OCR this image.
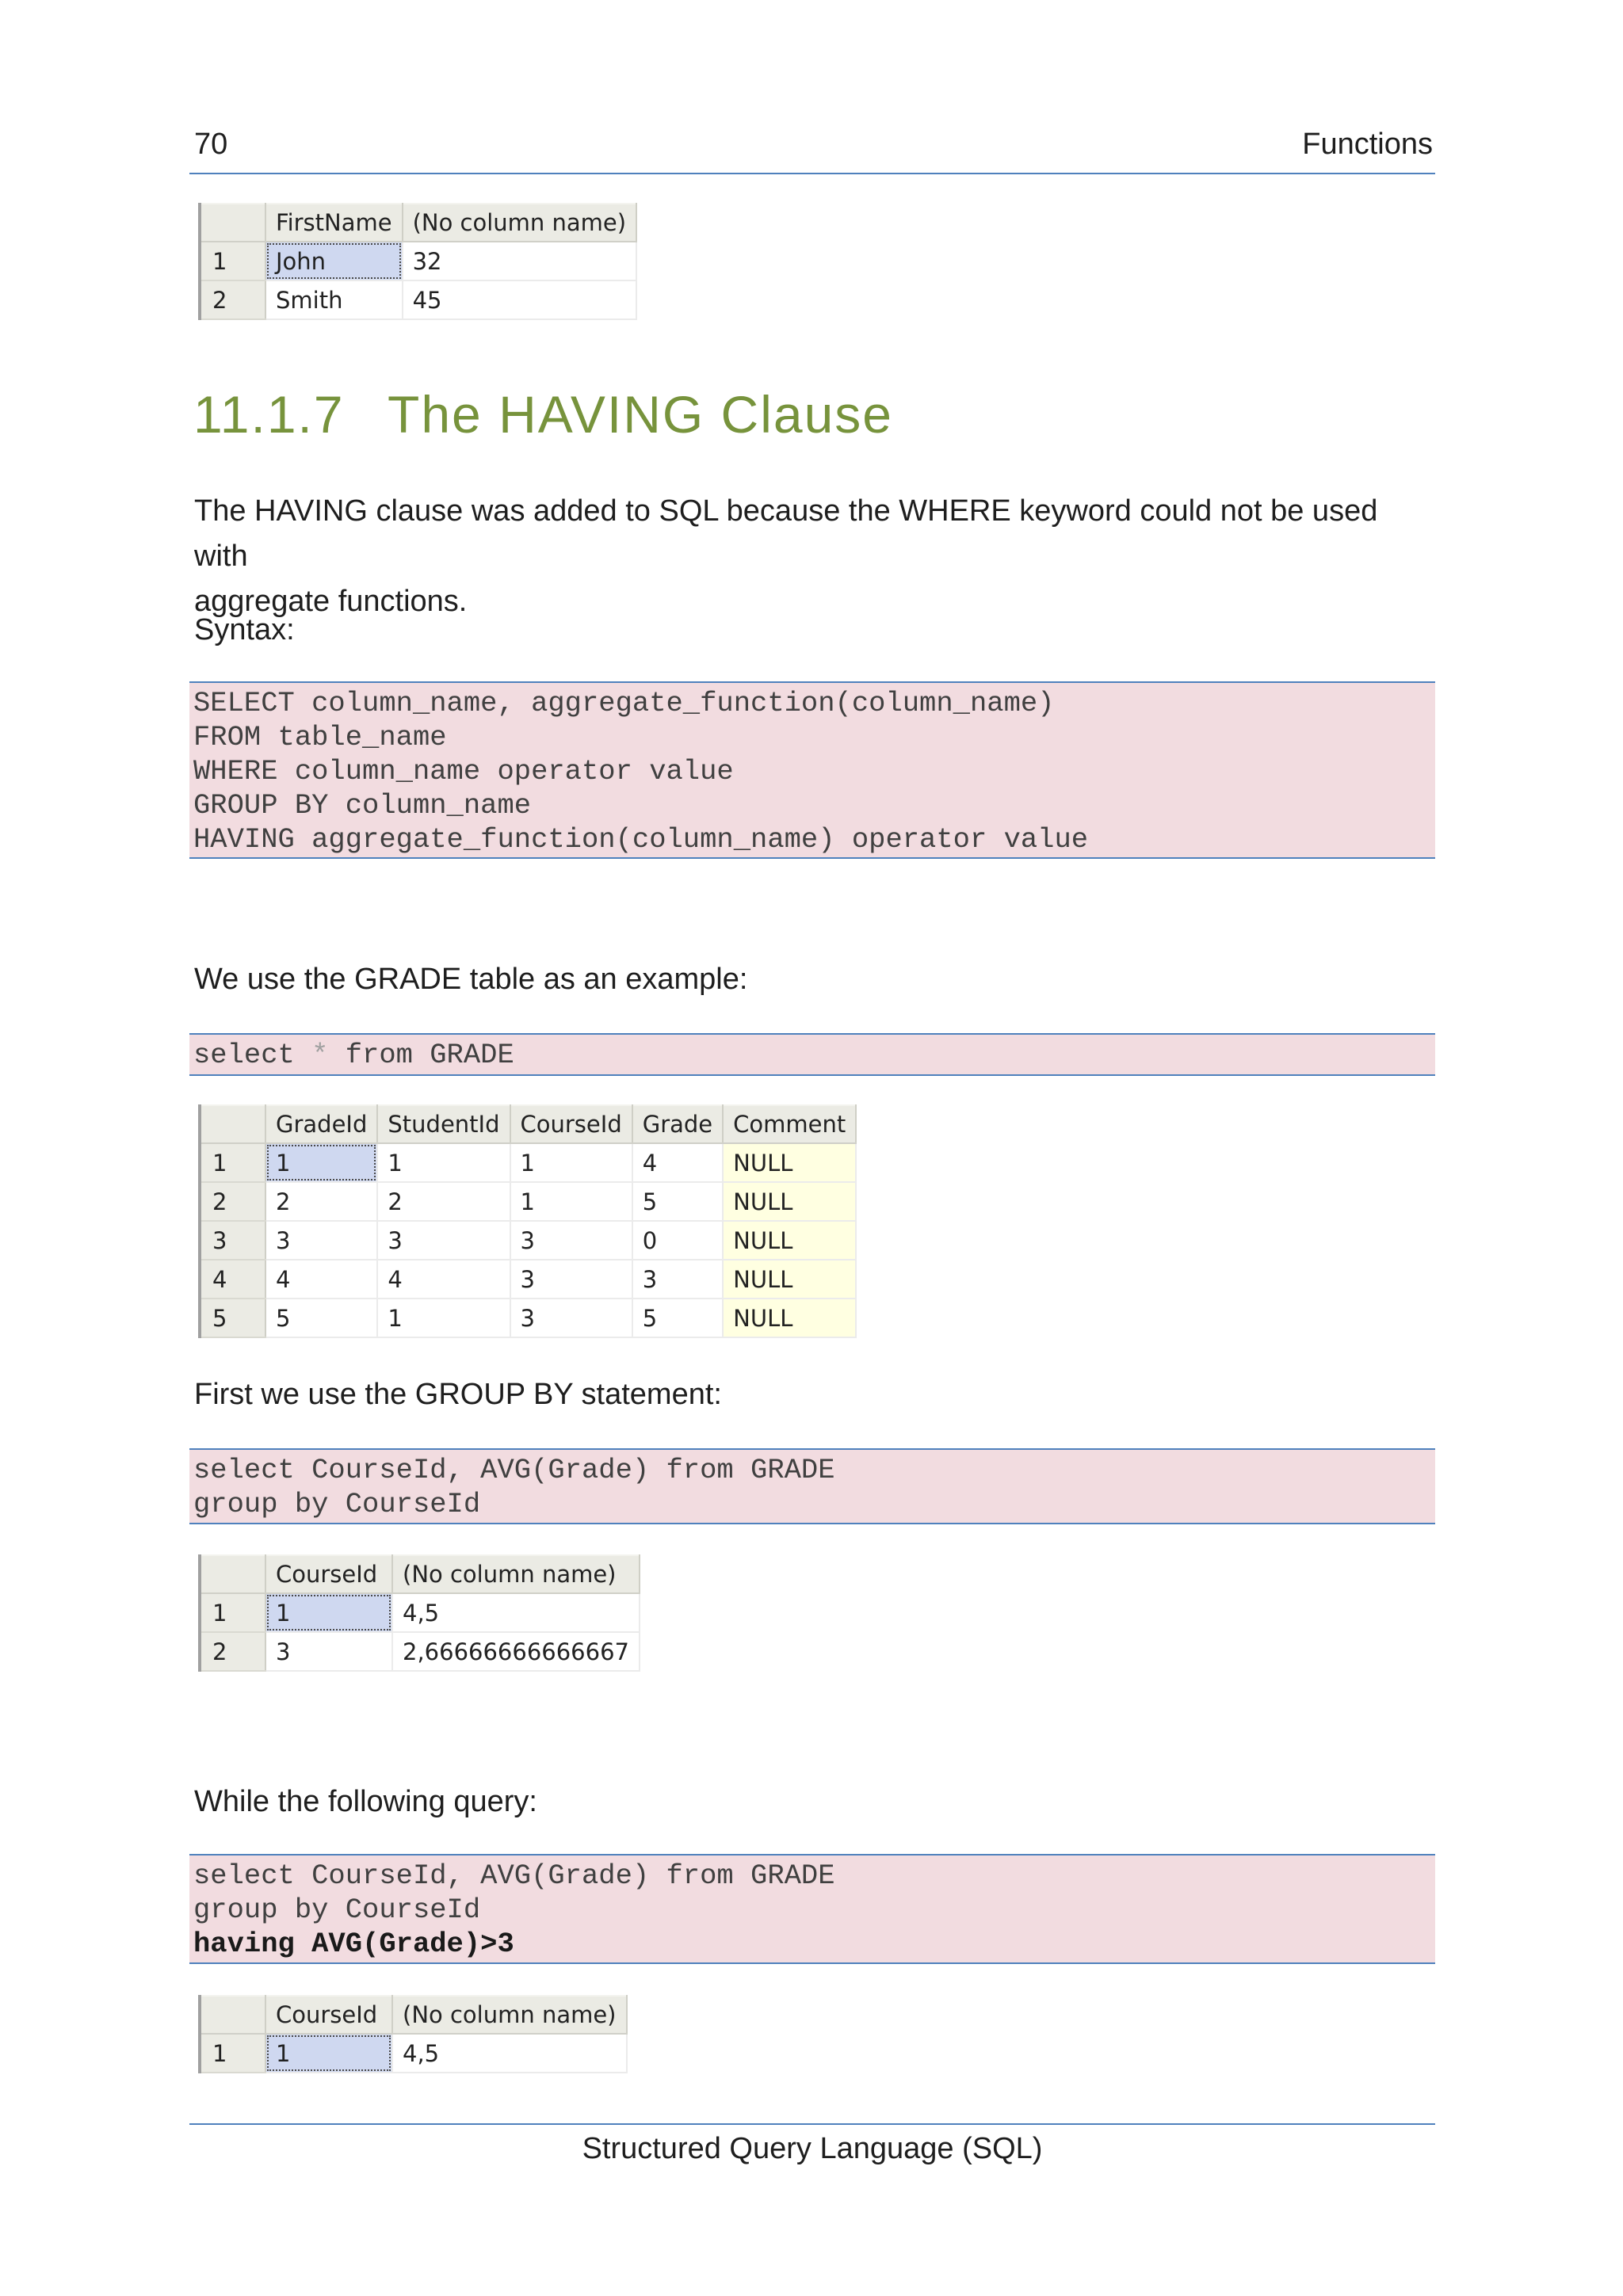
70	Functions
	FirstName	(No column name)
1	John	32
2	Smith	45
11.1.7 The HAVING Clause
The HAVING clause was added to SQL because the WHERE keyword could not be used with
aggregate functions.
Syntax:
SELECT column_name, aggregate_function(column_name)
FROM table_name
WHERE column_name operator value
GROUP BY column_name
HAVING aggregate_function(column_name) operator value
We use the GRADE table as an example:
select * from GRADE
	GradeId	StudentId	CourseId	Grade	Comment
1	1	1	1	4	NULL
2	2	2	1	5	NULL
3	3	3	3	0	NULL
4	4	4	3	3	NULL
5	5	1	3	5	NULL
First we use the GROUP BY statement:
select CourseId, AVG(Grade) from GRADE
group by CourseId
	CourseId	(No column name)
1	1	4,5
2	3	2,66666666666667
While the following query:
select CourseId, AVG(Grade) from GRADE
group by CourseId
having AVG(Grade)>3
	CourseId	(No column name)
1	1	4,5
Structured Query Language (SQL)
